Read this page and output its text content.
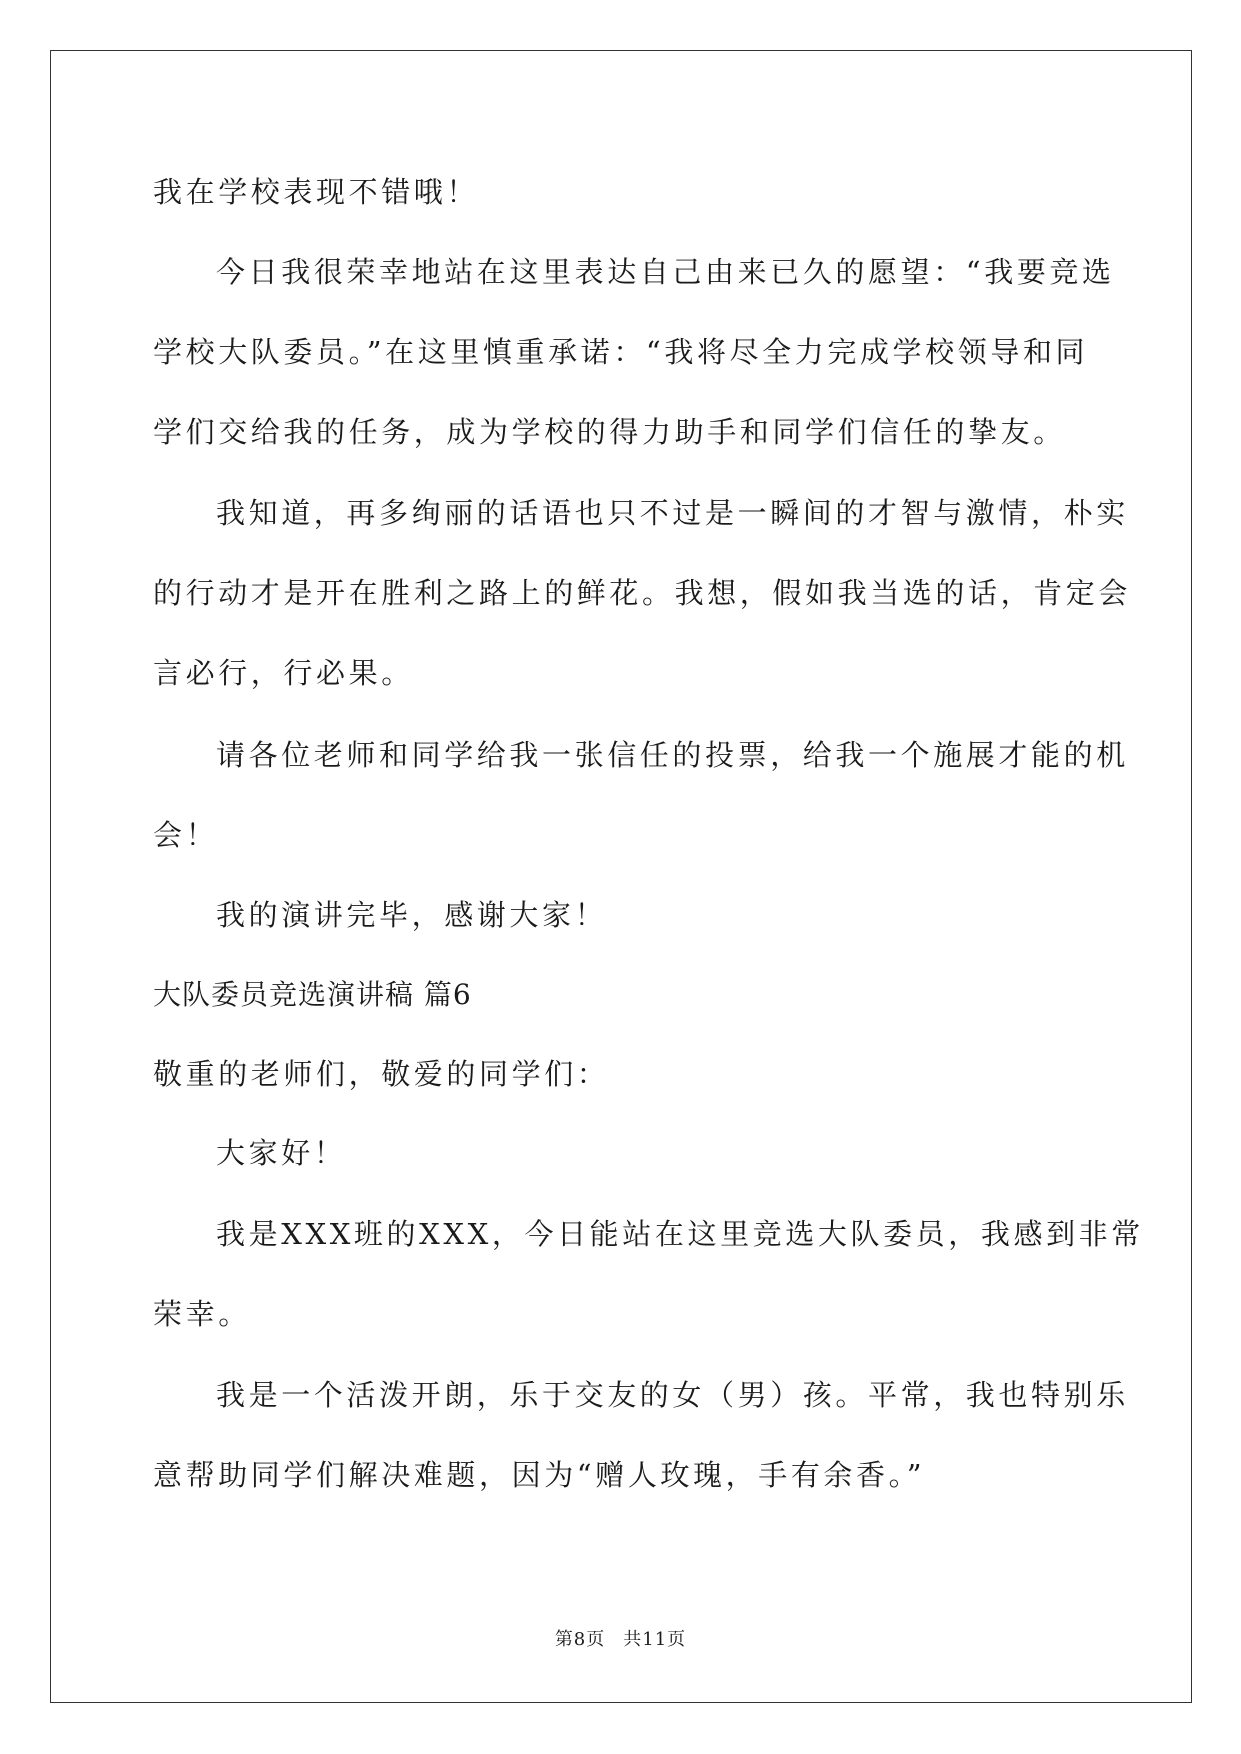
我在学校表现不错哦！
今日我很荣幸地站在这里表达自己由来已久的愿望：“我要竞选
学校大队委员。”在这里慎重承诺：“我将尽全力完成学校领导和同
学们交给我的任务，成为学校的得力助手和同学们信任的挚友。
我知道，再多绚丽的话语也只不过是一瞬间的才智与激情，朴实
的行动才是开在胜利之路上的鲜花。我想，假如我当选的话，肯定会
言必行，行必果。
请各位老师和同学给我一张信任的投票，给我一个施展才能的机
会！
我的演讲完毕，感谢大家！
大队委员竞选演讲稿 篇6
敬重的老师们，敬爱的同学们：
大家好！
我是XXX班的XXX，今日能站在这里竞选大队委员，我感到非常
荣幸。
我是一个活泼开朗，乐于交友的女（男）孩。平常，我也特别乐
意帮助同学们解决难题，因为“赠人玫瑰，手有余香。”
第8页 共11页
